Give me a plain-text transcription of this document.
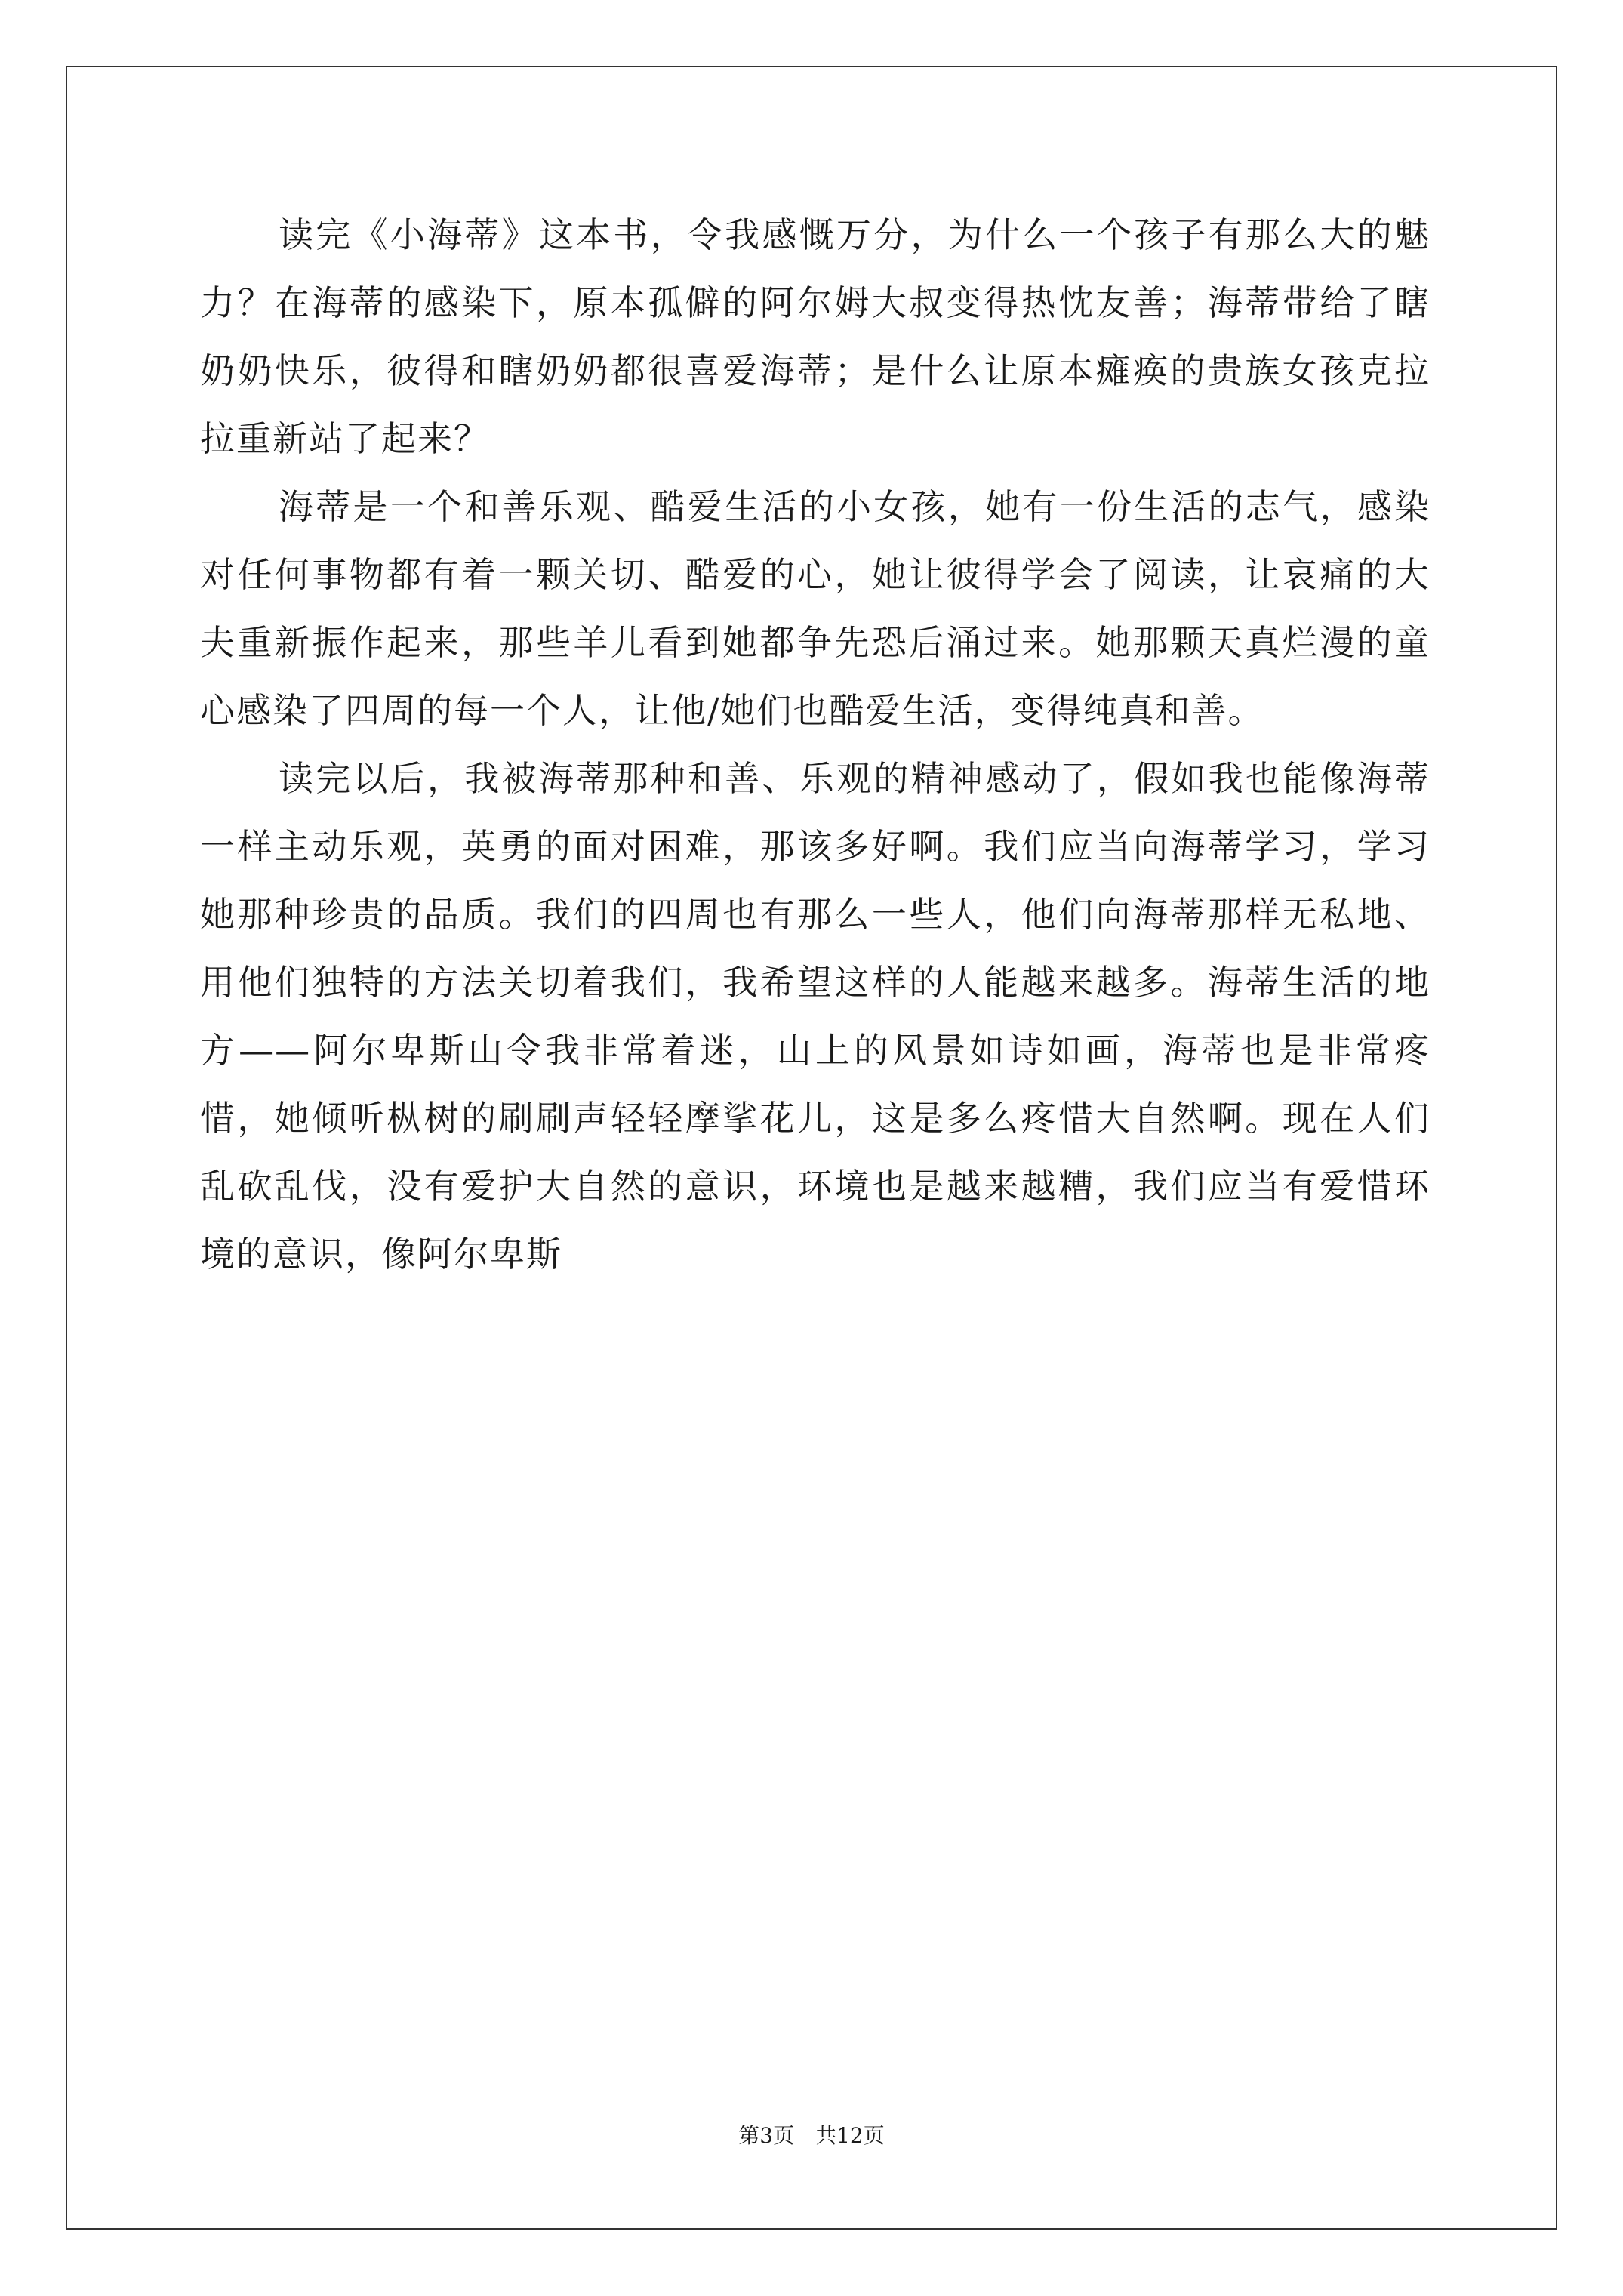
读完《小海蒂》这本书，令我感慨万分，为什么一个孩子有那么大的魅力？在海蒂的感染下，原本孤僻的阿尔姆大叔变得热忱友善；海蒂带给了瞎奶奶快乐，彼得和瞎奶奶都很喜爱海蒂；是什么让原本瘫痪的贵族女孩克拉拉重新站了起来？

海蒂是一个和善乐观、酷爱生活的小女孩，她有一份生活的志气，感染对任何事物都有着一颗关切、酷爱的心，她让彼得学会了阅读，让哀痛的大夫重新振作起来，那些羊儿看到她都争先恐后涌过来。她那颗天真烂漫的童心感染了四周的每一个人，让他/她们也酷爱生活，变得纯真和善。

读完以后，我被海蒂那种和善、乐观的精神感动了，假如我也能像海蒂一样主动乐观，英勇的面对困难，那该多好啊。我们应当向海蒂学习，学习她那种珍贵的品质。我们的四周也有那么一些人，他们向海蒂那样无私地、用他们独特的方法关切着我们，我希望这样的人能越来越多。海蒂生活的地方——阿尔卑斯山令我非常着迷，山上的风景如诗如画，海蒂也是非常疼惜，她倾听枞树的刷刷声轻轻摩挲花儿，这是多么疼惜大自然啊。现在人们乱砍乱伐，没有爱护大自然的意识，环境也是越来越糟，我们应当有爱惜环境的意识，像阿尔卑斯

第3页 共12页
